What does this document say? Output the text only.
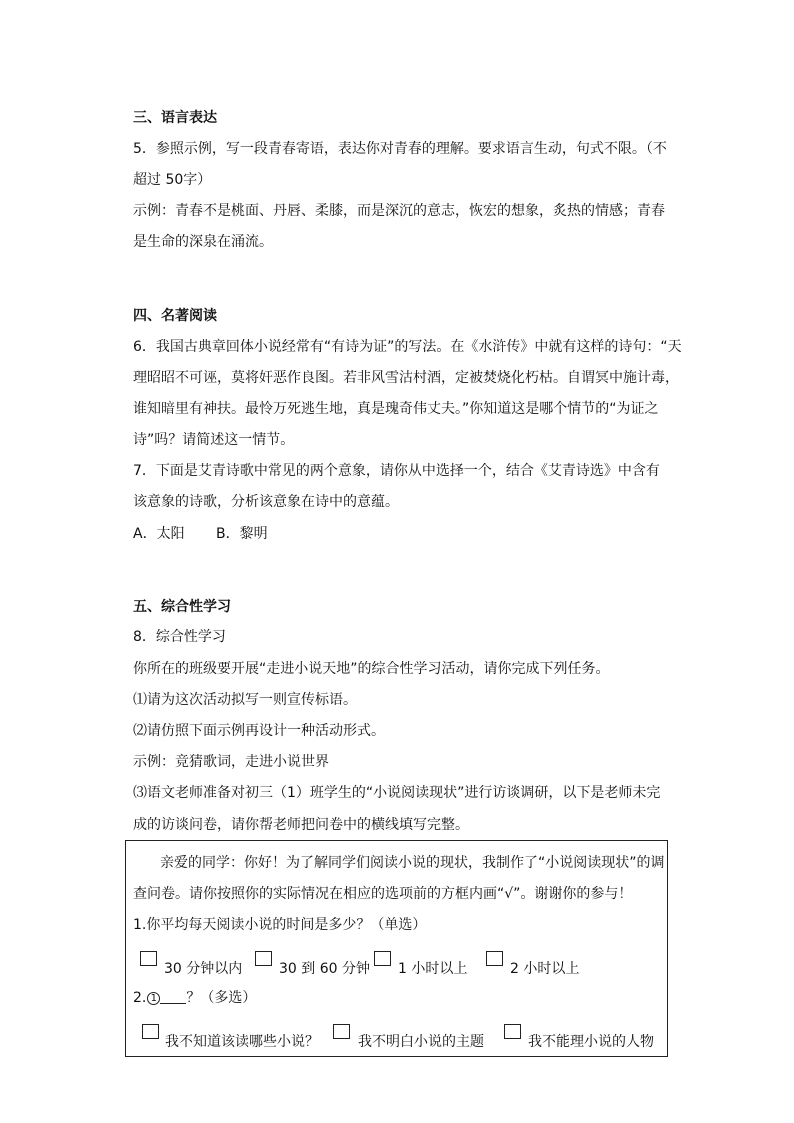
三、语言表达
5．参照示例，写一段青春寄语，表达你对青春的理解。要求语言生动，句式不限。（不
超过 50字）
示例：青春不是桃面、丹唇、柔膝，而是深沉的意志，恢宏的想象，炙热的情感；青春
是生命的深泉在涌流。
四、名著阅读
6．我国古典章回体小说经常有“有诗为证”的写法。在《水浒传》中就有这样的诗句：“天
理昭昭不可诬，莫将奸恶作良图。若非风雪沽村酒，定被焚烧化朽枯。自谓冥中施计毒，
谁知暗里有神扶。最怜万死逃生地，真是瑰奇伟丈夫。”你知道这是哪个情节的“为证之
诗”吗？请简述这一情节。
7．下面是艾青诗歌中常见的两个意象，请你从中选择一个，结合《艾青诗选》中含有
该意象的诗歌，分析该意象在诗中的意蕴。
A．太阳 B．黎明
五、综合性学习
8．综合性学习
你所在的班级要开展“走进小说天地”的综合性学习活动，请你完成下列任务。
⑴请为这次活动拟写一则宣传标语。
⑵请仿照下面示例再设计一种活动形式。
示例：竞猜歌词，走进小说世界
⑶语文老师准备对初三（1）班学生的“小说阅读现状”进行访谈调研，以下是老师未完
成的访谈问卷，请你帮老师把问卷中的横线填写完整。
亲爱的同学：你好！为了解同学们阅读小说的现状，我制作了“小说阅读现状”的调
查问卷。请你按照你的实际情况在相应的选项前的方框内画“√”。谢谢你的参与！
1.你平均每天阅读小说的时间是多少？（单选）
30 分钟以内	30 到 60 分钟 1 小时以上	2 小时以上
2. 1 ？（多选）
我不知道该读哪些小说？	我不明白小说的主题	我不能理小说的人物
